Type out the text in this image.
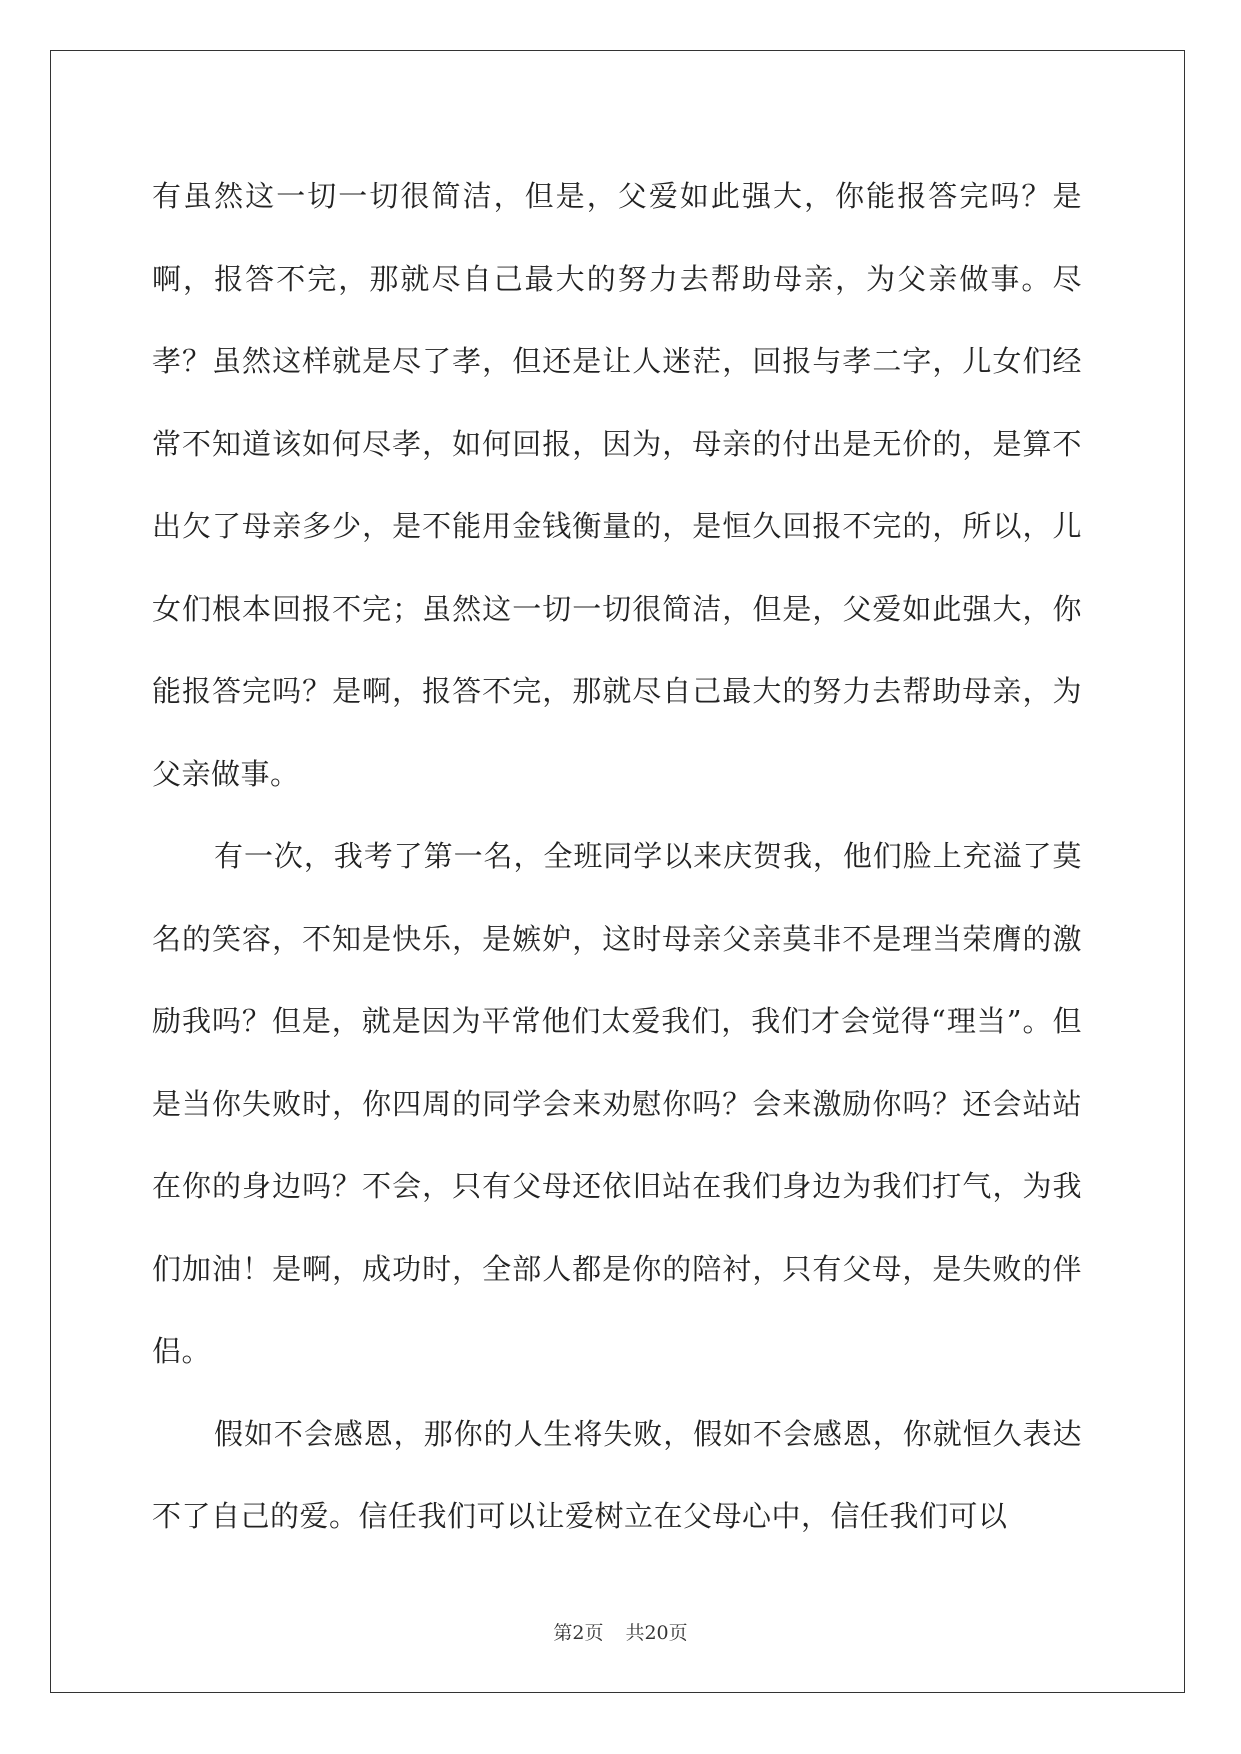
有虽然这一切一切很简洁，但是，父爱如此强大，你能报答完吗？是啊，报答不完，那就尽自己最大的努力去帮助母亲，为父亲做事。尽孝？虽然这样就是尽了孝，但还是让人迷茫，回报与孝二字，儿女们经常不知道该如何尽孝，如何回报，因为，母亲的付出是无价的，是算不出欠了母亲多少，是不能用金钱衡量的，是恒久回报不完的，所以，儿女们根本回报不完；虽然这一切一切很简洁，但是，父爱如此强大，你能报答完吗？是啊，报答不完，那就尽自己最大的努力去帮助母亲，为父亲做事。

有一次，我考了第一名，全班同学以来庆贺我，他们脸上充溢了莫名的笑容，不知是快乐，是嫉妒，这时母亲父亲莫非不是理当荣膺的激励我吗？但是，就是因为平常他们太爱我们，我们才会觉得“理当”。但是当你失败时，你四周的同学会来劝慰你吗？会来激励你吗？还会站站在你的身边吗？不会，只有父母还依旧站在我们身边为我们打气，为我们加油！是啊，成功时，全部人都是你的陪衬，只有父母，是失败的伴侣。

假如不会感恩，那你的人生将失败，假如不会感恩，你就恒久表达不了自己的爱。信任我们可以让爱树立在父母心中，信任我们可以

第2页 共20页
